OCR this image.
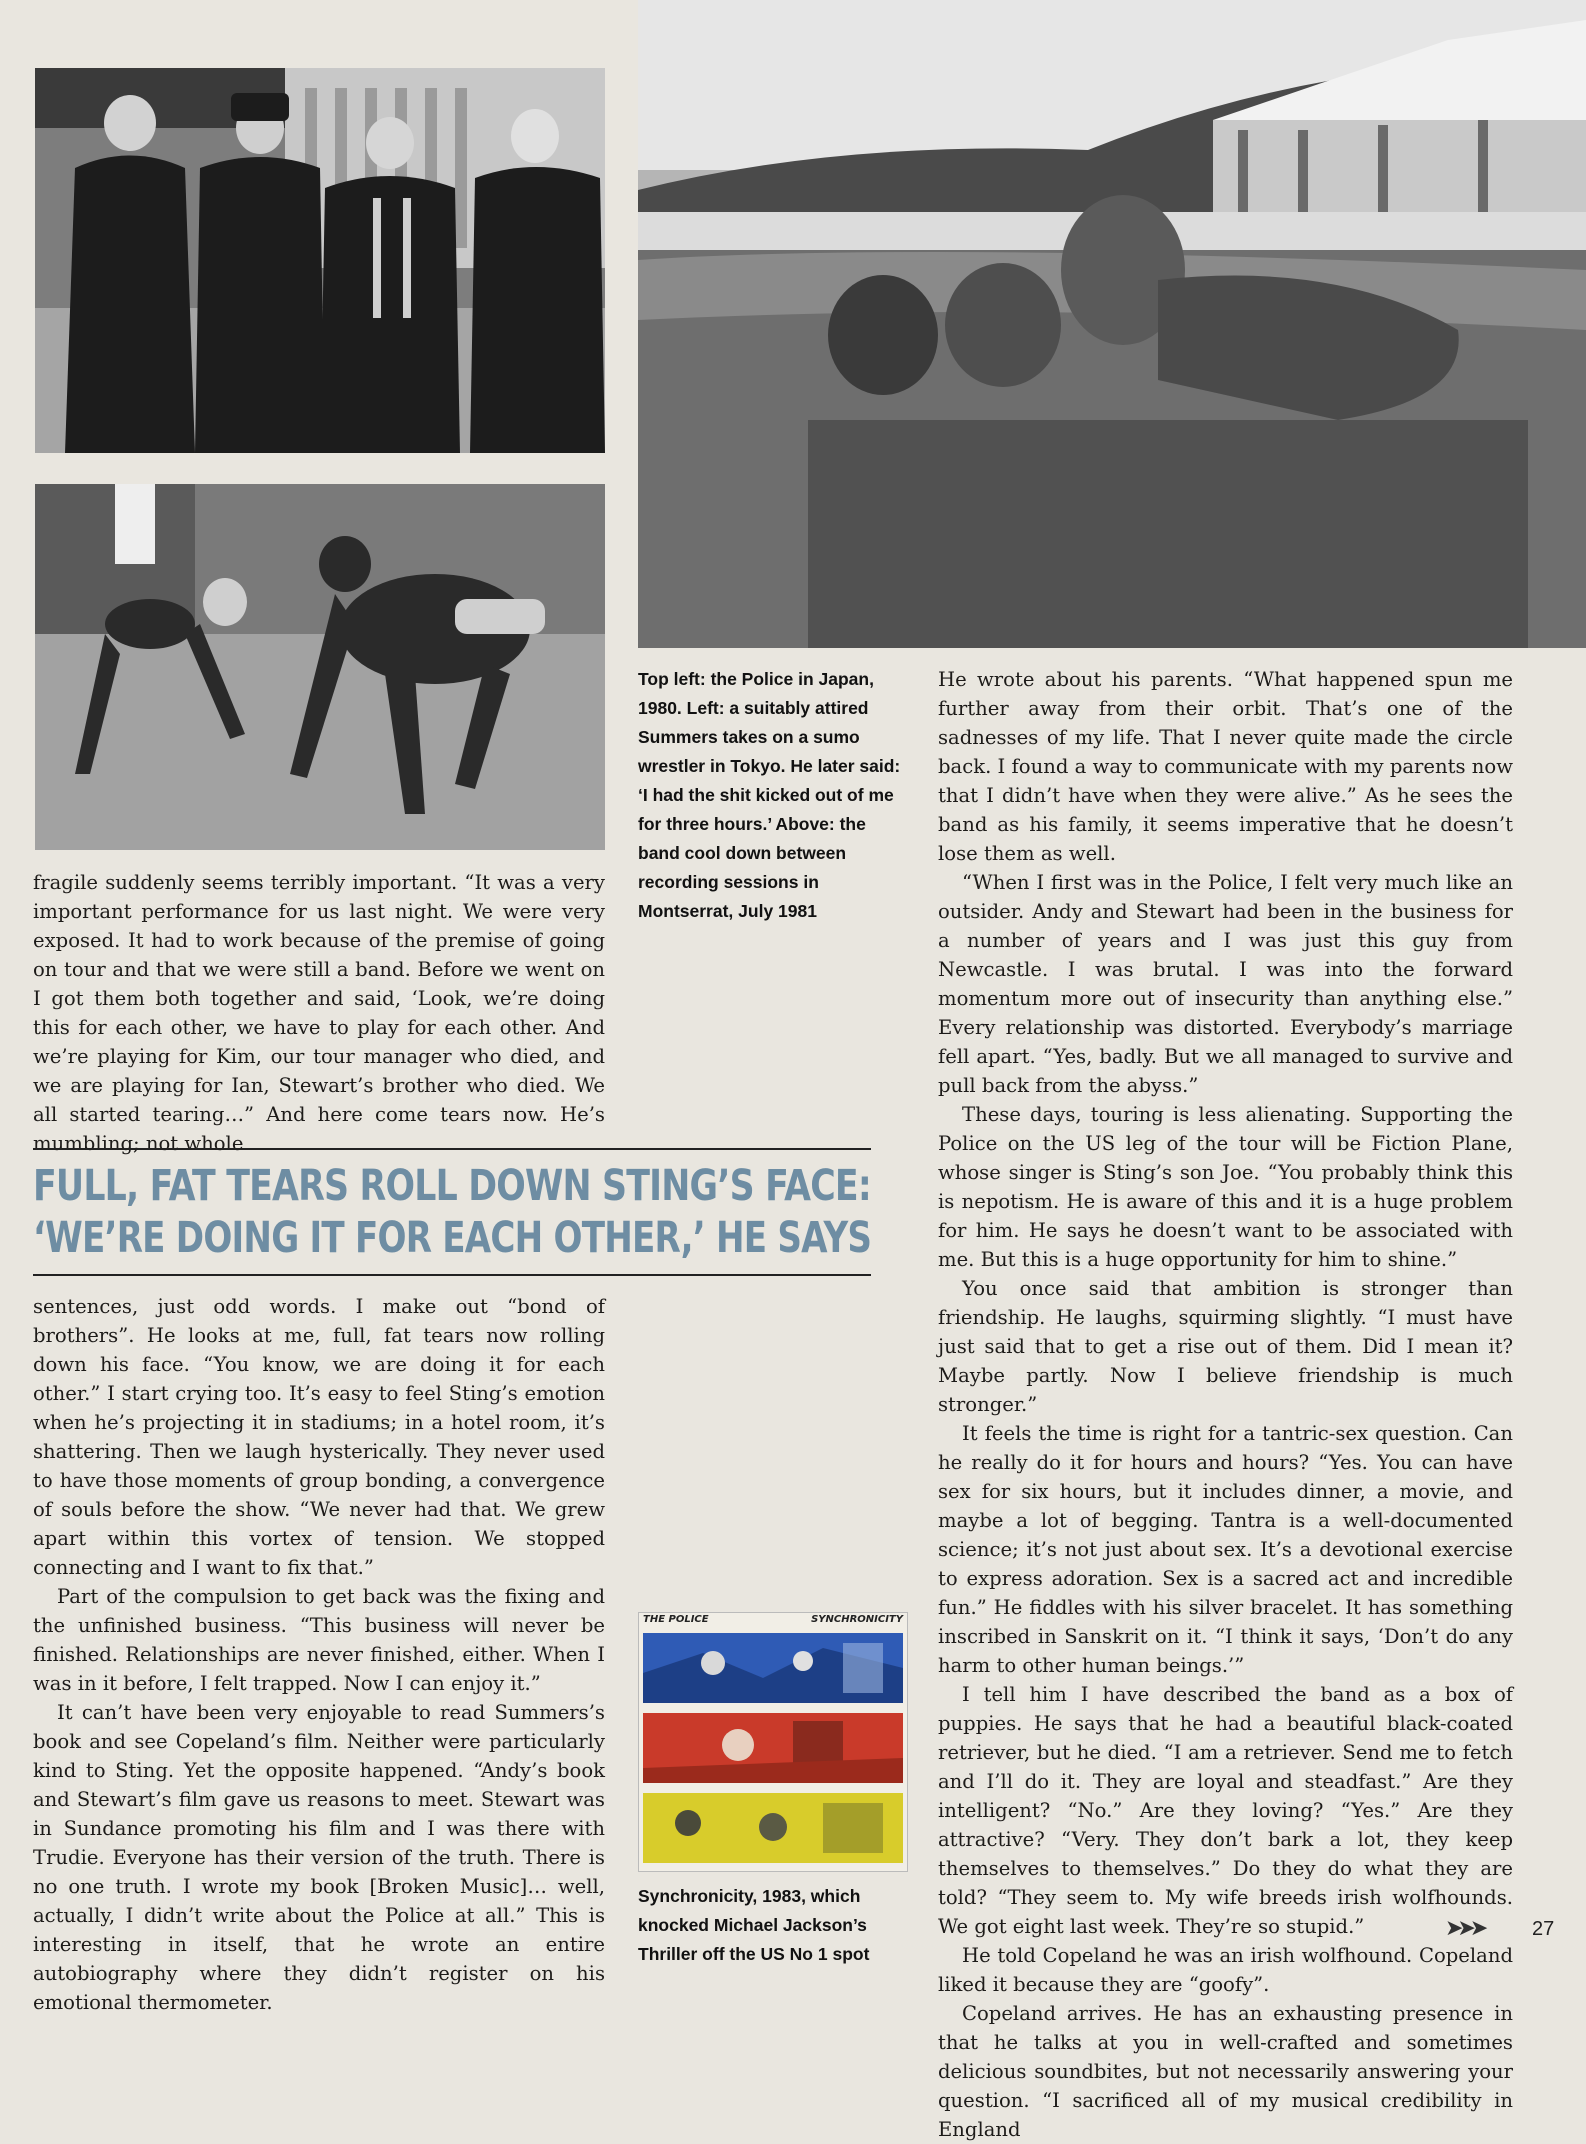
Top left: the Police in Japan, 1980. Left: a suitably attired Summers takes on a sumo wrestler in Tokyo. He later said: ‘I had the shit kicked out of me for three hours.’ Above: the band cool down between recording sessions in Montserrat, July 1981

fragile suddenly seems terribly important. “It was a very important performance for us last night. We were very exposed. It had to work because of the premise of going on tour and that we were still a band. Before we went on I got them both together and said, ‘Look, we’re doing this for each other, we have to play for each other. And we’re playing for Kim, our tour manager who died, and we are playing for Ian, Stewart’s brother who died. We all started tearing…” And here come tears now. He’s mumbling; not whole

FULL, FAT TEARS ROLL DOWN STING’S FACE:
‘WE’RE DOING IT FOR EACH OTHER,’ HE SAYS

sentences, just odd words. I make out “bond of brothers”. He looks at me, full, fat tears now rolling down his face. “You know, we are doing it for each other.” I start crying too. It’s easy to feel Sting’s emotion when he’s projecting it in stadiums; in a hotel room, it’s shattering. Then we laugh hysterically. They never used to have those moments of group bonding, a convergence of souls before the show. “We never had that. We grew apart within this vortex of tension. We stopped connecting and I want to fix that.”

Part of the compulsion to get back was the fixing and the unfinished business. “This business will never be finished. Relationships are never finished, either. When I was in it before, I felt trapped. Now I can enjoy it.”

It can’t have been very enjoyable to read Summers’s book and see Copeland’s film. Neither were particularly kind to Sting. Yet the opposite happened. “Andy’s book and Stewart’s film gave us reasons to meet. Stewart was in Sundance promoting his film and I was there with Trudie. Everyone has their version of the truth. There is no one truth. I wrote my book [Broken Music]… well, actually, I didn’t write about the Police at all.” This is interesting in itself, that he wrote an entire autobiography where they didn’t register on his emotional thermometer.

He wrote about his parents. “What happened spun me further away from their orbit. That’s one of the sadnesses of my life. That I never quite made the circle back. I found a way to communicate with my parents now that I didn’t have when they were alive.” As he sees the band as his family, it seems imperative that he doesn’t lose them as well.

“When I first was in the Police, I felt very much like an outsider. Andy and Stewart had been in the business for a number of years and I was just this guy from Newcastle. I was brutal. I was into the forward momentum more out of insecurity than anything else.” Every relationship was distorted. Everybody’s marriage fell apart. “Yes, badly. But we all managed to survive and pull back from the abyss.”

These days, touring is less alienating. Supporting the Police on the US leg of the tour will be Fiction Plane, whose singer is Sting’s son Joe. “You probably think this is nepotism. He is aware of this and it is a huge problem for him. He says he doesn’t want to be associated with me. But this is a huge opportunity for him to shine.”

You once said that ambition is stronger than friendship. He laughs, squirming slightly. “I must have just said that to get a rise out of them. Did I mean it? Maybe partly. Now I believe friendship is much stronger.”

It feels the time is right for a tantric-sex question. Can he really do it for hours and hours? “Yes. You can have sex for six hours, but it includes dinner, a movie, and maybe a lot of begging. Tantra is a well-documented science; it’s not just about sex. It’s a devotional exercise to express adoration. Sex is a sacred act and incredible fun.” He fiddles with his silver bracelet. It has something inscribed in Sanskrit on it. “I think it says, ‘Don’t do any harm to other human beings.’”

I tell him I have described the band as a box of puppies. He says that he had a beautiful black-coated retriever, but he died. “I am a retriever. Send me to fetch and I’ll do it. They are loyal and steadfast.” Are they intelligent? “No.” Are they loving? “Yes.” Are they attractive? “Very. They don’t bark a lot, they keep themselves to themselves.” Do they do what they are told? “They seem to. My wife breeds irish wolfhounds. We got eight last week. They’re so stupid.”

He told Copeland he was an irish wolfhound. Copeland liked it because they are “goofy”.

Copeland arrives. He has an exhausting presence in that he talks at you in well-crafted and sometimes delicious soundbites, but not necessarily answering your question. “I sacrificed all of my musical credibility in England

THE POLICE	SYNCHRONICITY
Synchronicity, 1983, which knocked Michael Jackson’s Thriller off the US No 1 spot
➤➤➤ 27
